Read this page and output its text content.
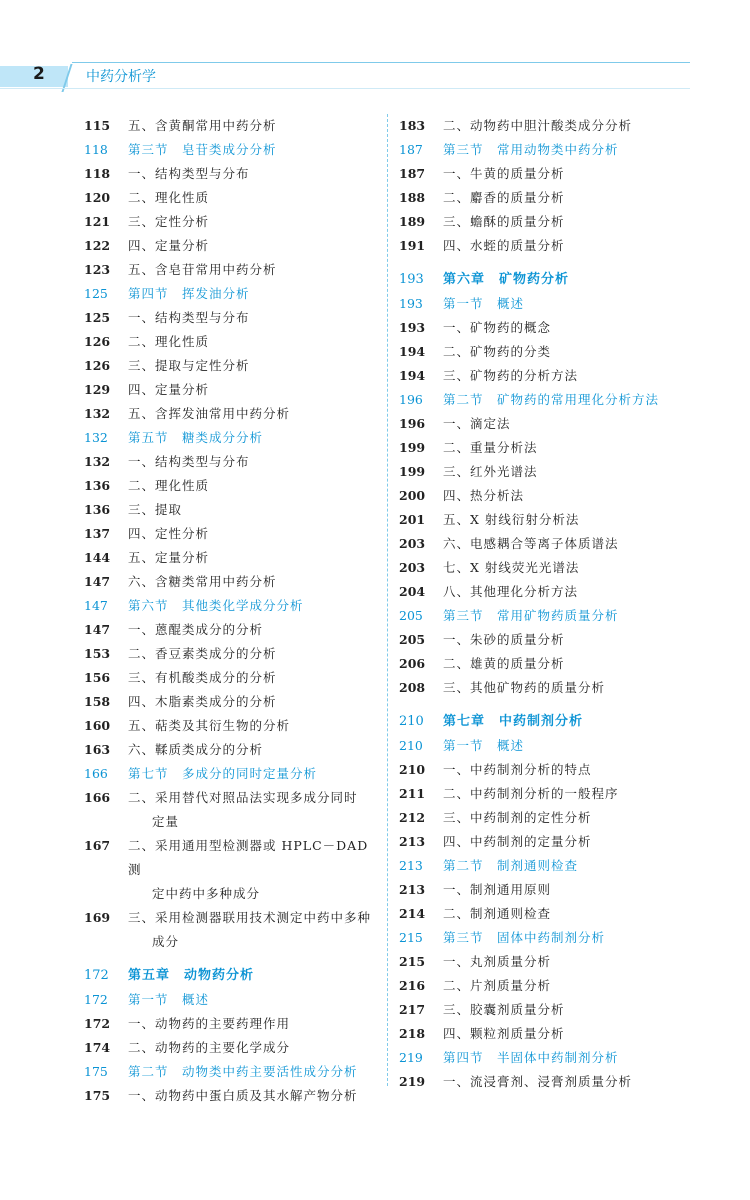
2	中药分析学
115	五、含黄酮常用中药分析
118	第三节　皂苷类成分分析
118	一、结构类型与分布
120	二、理化性质
121	三、定性分析
122	四、定量分析
123	五、含皂苷常用中药分析
125	第四节　挥发油分析
125	一、结构类型与分布
126	二、理化性质
126	三、提取与定性分析
129	四、定量分析
132	五、含挥发油常用中药分析
132	第五节　糖类成分分析
132	一、结构类型与分布
136	二、理化性质
136	三、提取
137	四、定性分析
144	五、定量分析
147	六、含糖类常用中药分析
147	第六节　其他类化学成分分析
147	一、蒽醌类成分的分析
153	二、香豆素类成分的分析
156	三、有机酸类成分的分析
158	四、木脂素类成分的分析
160	五、萜类及其衍生物的分析
163	六、鞣质类成分的分析
166	第七节　多成分的同时定量分析
166	二、采用替代对照品法实现多成分同时
定量
167	二、采用通用型检测器或 HPLC－DAD 测
定中药中多种成分
169	三、采用检测器联用技术测定中药中多种
成分
172	第五章　动物药分析
172	第一节　概述
172	一、动物药的主要药理作用
174	二、动物药的主要化学成分
175	第二节　动物类中药主要活性成分分析
175	一、动物药中蛋白质及其水解产物分析
183	二、动物药中胆汁酸类成分分析
187	第三节　常用动物类中药分析
187	一、牛黄的质量分析
188	二、麝香的质量分析
189	三、蟾酥的质量分析
191	四、水蛭的质量分析
193	第六章　矿物药分析
193	第一节　概述
193	一、矿物药的概念
194	二、矿物药的分类
194	三、矿物药的分析方法
196	第二节　矿物药的常用理化分析方法
196	一、滴定法
199	二、重量分析法
199	三、红外光谱法
200	四、热分析法
201	五、X 射线衍射分析法
203	六、电感耦合等离子体质谱法
203	七、X 射线荧光光谱法
204	八、其他理化分析方法
205	第三节　常用矿物药质量分析
205	一、朱砂的质量分析
206	二、雄黄的质量分析
208	三、其他矿物药的质量分析
210	第七章　中药制剂分析
210	第一节　概述
210	一、中药制剂分析的特点
211	二、中药制剂分析的一般程序
212	三、中药制剂的定性分析
213	四、中药制剂的定量分析
213	第二节　制剂通则检查
213	一、制剂通用原则
214	二、制剂通则检查
215	第三节　固体中药制剂分析
215	一、丸剂质量分析
216	二、片剂质量分析
217	三、胶囊剂质量分析
218	四、颗粒剂质量分析
219	第四节　半固体中药制剂分析
219	一、流浸膏剂、浸膏剂质量分析
